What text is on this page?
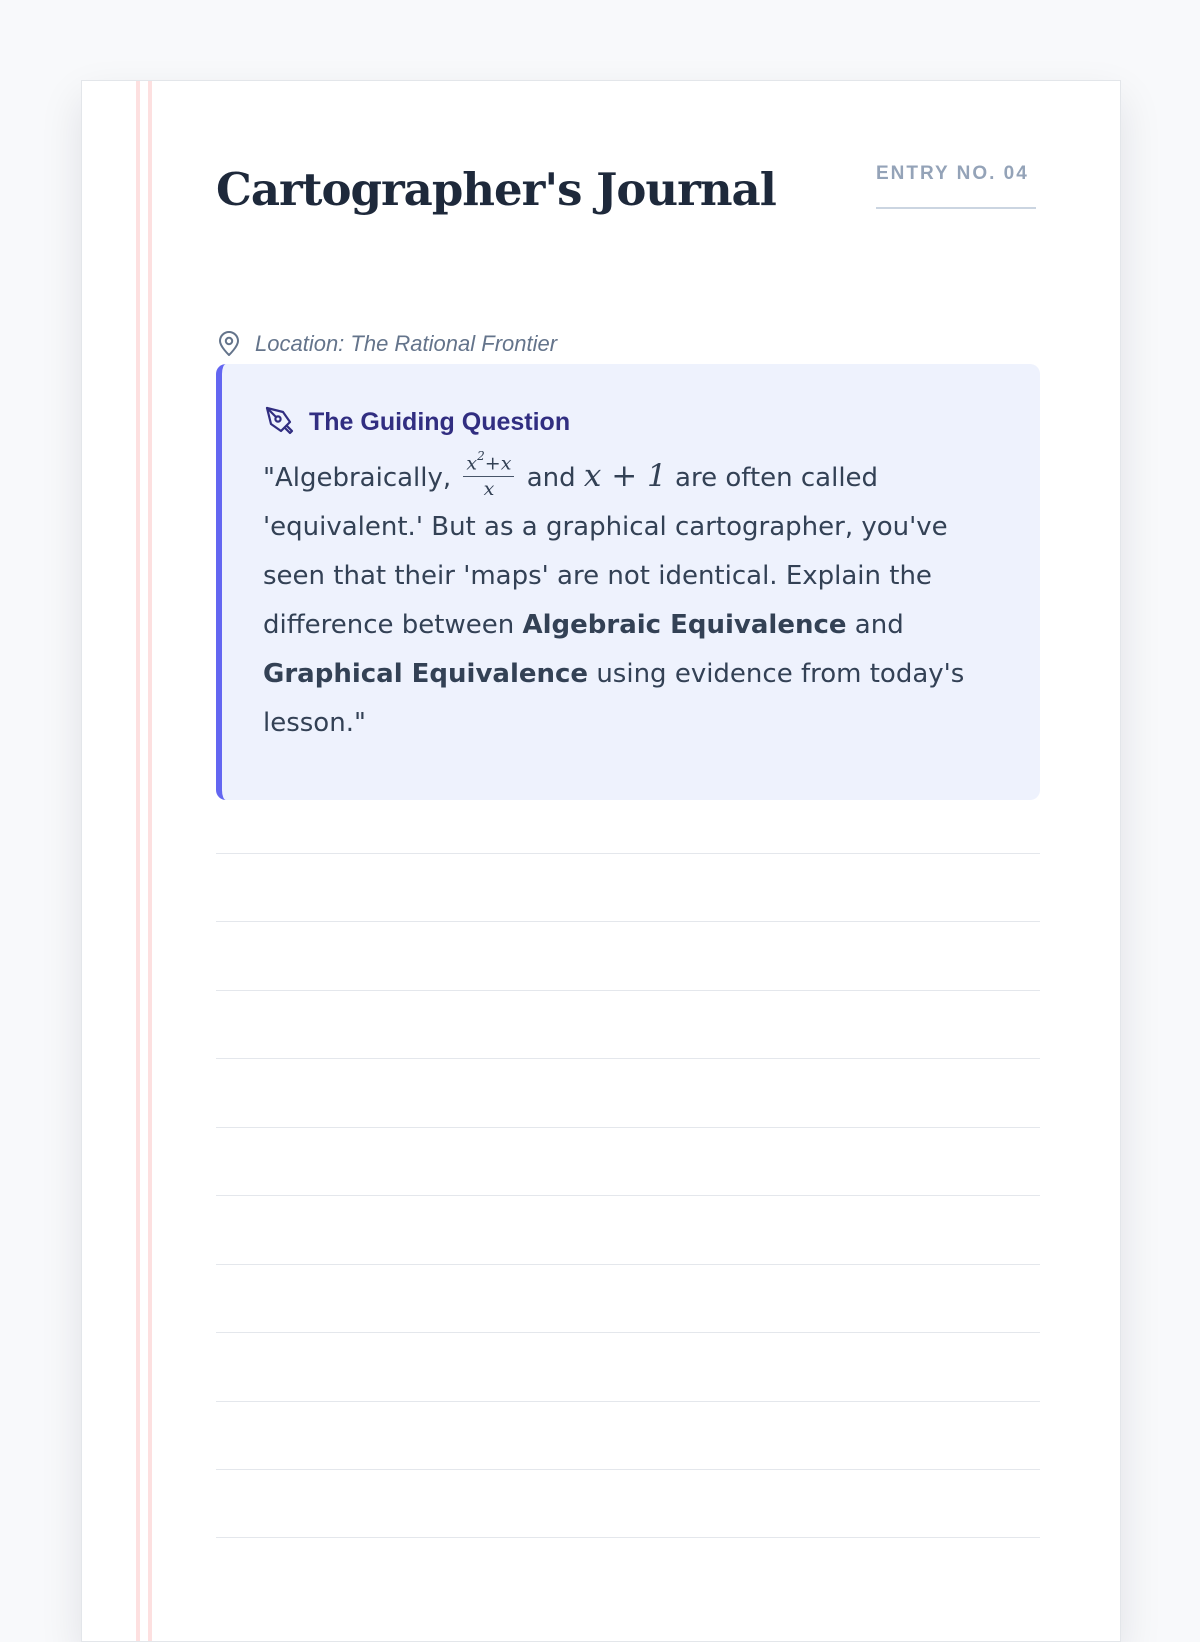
Cartographer's Journal	ENTRY NO. 04
Location: The Rational Frontier
The Guiding Question
"Algebraically, $\frac{x^2+x}{x}$ and x + 1 are often called 'equivalent.' But as a graphical cartographer, you've seen that their 'maps' are not identical. Explain the difference between Algebraic Equivalence and Graphical Equivalence using evidence from today's lesson."
